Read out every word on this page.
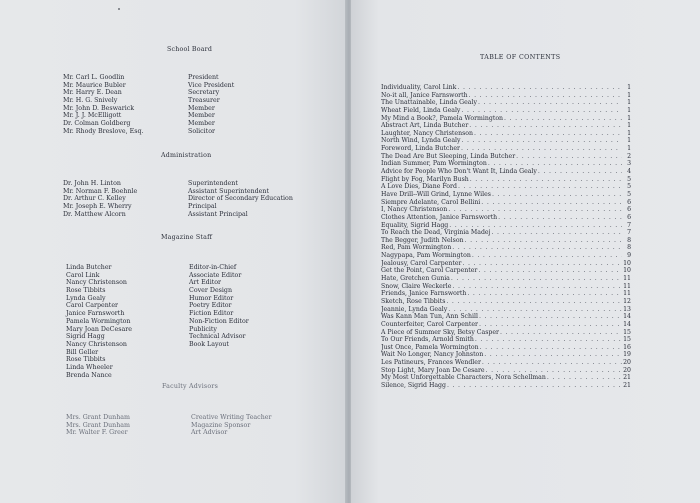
School Board
Mr. Carl L. Goodlin	President
Mr. Maurice Bubler	Vice President
Mr. Harry E. Dean	Secretary
Mr. H. G. Snively	Treasurer
Mr. John D. Beswarick	Member
Mr. J. J. McElligott	Member
Dr. Colman Goldberg	Member
Mr. Rhody Breslove, Esq.	Solicitor
Administration
Dr. John H. Linton	Superintendent
Mr. Norman F. Boehnle	Assistant Superintendent
Dr. Arthur C. Kelley	Director of Secondary Education
Mr. Joseph E. Wherry	Principal
Dr. Matthew Alcorn	Assistant Principal
Magazine Staff
Linda Butcher	Editor-in-Chief
Carol Link	Associate Editor
Nancy Christenson	Art Editor
Rose Tibbits	Cover Design
Lynda Gealy	Humor Editor
Carol Carpenter	Poetry Editor
Janice Farnsworth	Fiction Editor
Pamela Wormington	Non-Fiction Editor
Mary Joan DeCesare	Publicity
Sigrid Hagg	Technical Advisor
Nancy Christenson	Book Layout
Bill Geller
Rose Tibbits
Linda Wheeler
Brenda Nance
Faculty Advisors
Mrs. Grant Dunham	Creative Writing Teacher
Mrs. Grant Dunham	Magazine Sponsor
Mr. Walter F. Greer	Art Advisor
TABLE OF CONTENTS
Individuality, Carol Link . . .	1
No-it all, Janice Farnsworth . . .	1
The Unattainable, Linda Gealy . . .	1
Wheat Field, Linda Gealy . . .	1
My Mind a Book?, Pamela Wormington . . .	1
Abstract Art, Linda Butcher . . .	1
Laughter, Nancy Christenson . . .	1
North Wind, Lynda Gealy . . .	1
Foreword, Linda Butcher . . .	1
The Dead Are But Sleeping, Linda Butcher . . .	2
Indian Summer, Pam Wormington . . .	3
Advice for People Who Don't Want It, Linda Gealy . . .	4
Flight by Fog, Marilyn Bush . . .	5
A Love Dies, Diane Ford . . .	5
Have Drill--Will Grind, Lynne Wiles . . .	5
Siempre Adelante, Carol Bellini . . .	6
I, Nancy Christenson . . .	6
Clothes Attention, Janice Farnsworth . . .	6
Equality, Sigrid Hagg . . .	7
To Reach the Dead, Virginia Madej . . .	7
The Begger, Judith Nelson . . .	8
Red, Pam Wormington . . .	8
Nagypapa, Pam Wormington . . .	9
Jealousy, Carol Carpenter . . .	10
Get the Point, Carol Carpenter . . .	10
Hate, Gretchen Gunia . . .	11
Snow, Claire Weckerle . . .	11
Friends, Janice Farnsworth . . .	11
Sketch, Rose Tibbits . . .	12
Jeannie, Lynda Gealy . . .	13
Was Kann Man Tun, Ann Schill . . .	14
Counterfeiter, Carol Carpenter . . .	14
A Piece of Summer Sky, Betsy Casper . . .	15
To Our Friends, Arnold Smith . . .	15
Just Once, Pamela Wormington . . .	16
Wait No Longer, Nancy Johnston . . .	19
Les Patineurs, Frances Wendler . . .	20
Stop Light, Mary Joan De Cesare . . .	20
My Most Unforgettable Characters, Nora Schellman . . .	21
Silence, Sigrid Hagg . . .	21
